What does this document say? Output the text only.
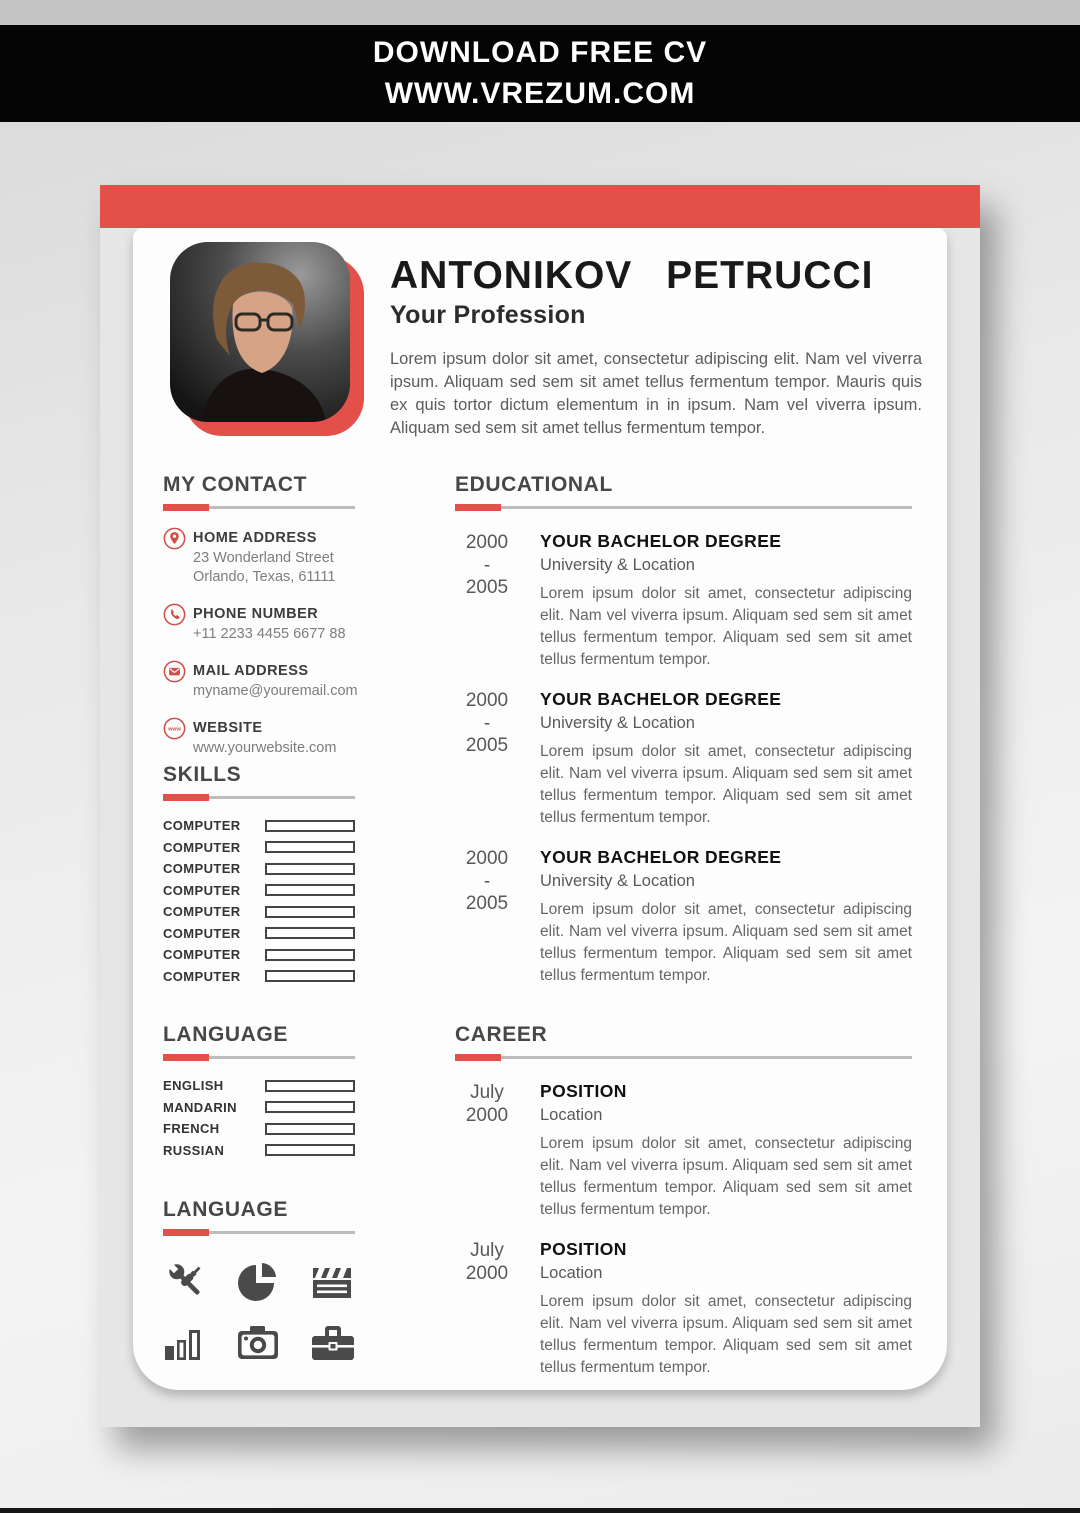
DOWNLOAD FREE CV
WWW.VREZUM.COM
ANTONIKOV PETRUCCI
Your Profession
Lorem ipsum dolor sit amet, consectetur adipiscing elit. Nam vel viverra ipsum. Aliquam sed sem sit amet tellus fermentum tempor. Mauris quis ex quis tortor dictum elementum in in ipsum. Nam vel viverra ipsum. Aliquam sed sem sit amet tellus fermentum tempor.
MY CONTACT
HOME ADDRESS
23 Wonderland Street
Orlando, Texas, 61111
PHONE NUMBER
+11 2233 4455 6677 88
MAIL ADDRESS
myname@youremail.com
www WEBSITE
www.yourwebsite.com
SKILLS
COMPUTER
COMPUTER
COMPUTER
COMPUTER
COMPUTER
COMPUTER
COMPUTER
COMPUTER
LANGUAGE
ENGLISH
MANDARIN
FRENCH
RUSSIAN
LANGUAGE
EDUCATIONAL
2000
-
2005
YOUR BACHELOR DEGREE
University & Location
Lorem ipsum dolor sit amet, consectetur adipiscing elit. Nam vel viverra ipsum. Aliquam sed sem sit amet tellus fermentum tempor. Aliquam sed sem sit amet tellus fermentum tempor.
2000
-
2005
YOUR BACHELOR DEGREE
University & Location
Lorem ipsum dolor sit amet, consectetur adipiscing elit. Nam vel viverra ipsum. Aliquam sed sem sit amet tellus fermentum tempor. Aliquam sed sem sit amet tellus fermentum tempor.
2000
-
2005
YOUR BACHELOR DEGREE
University & Location
Lorem ipsum dolor sit amet, consectetur adipiscing elit. Nam vel viverra ipsum. Aliquam sed sem sit amet tellus fermentum tempor. Aliquam sed sem sit amet tellus fermentum tempor.
CAREER
July
2000
POSITION
Location
Lorem ipsum dolor sit amet, consectetur adipiscing elit. Nam vel viverra ipsum. Aliquam sed sem sit amet tellus fermentum tempor. Aliquam sed sem sit amet tellus fermentum tempor.
July
2000
POSITION
Location
Lorem ipsum dolor sit amet, consectetur adipiscing elit. Nam vel viverra ipsum. Aliquam sed sem sit amet tellus fermentum tempor. Aliquam sed sem sit amet tellus fermentum tempor.
